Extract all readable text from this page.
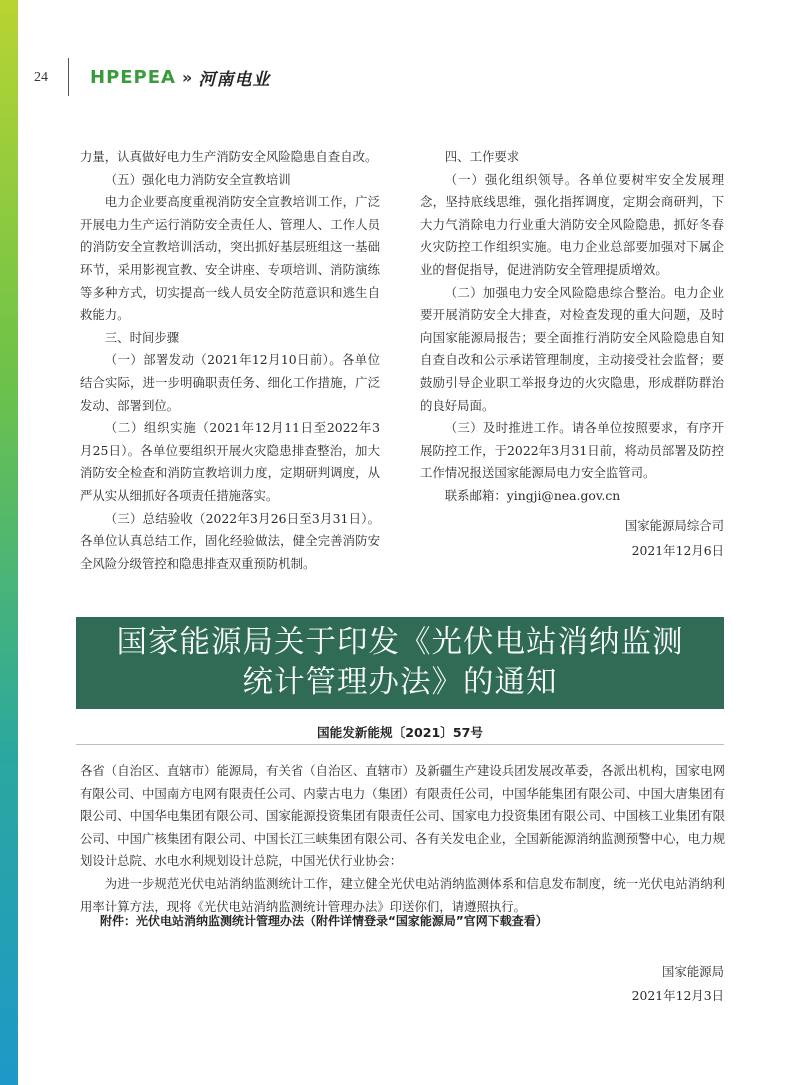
24 HPEPEA » 河南电业

力量，认真做好电力生产消防安全风险隐患自查自改。

（五）强化电力消防安全宣教培训

电力企业要高度重视消防安全宣教培训工作，广泛开展电力生产运行消防安全责任人、管理人、工作人员的消防安全宣教培训活动，突出抓好基层班组这一基础环节，采用影视宣教、安全讲座、专项培训、消防演练等多种方式，切实提高一线人员安全防范意识和逃生自救能力。

三、时间步骤

（一）部署发动（2021年12月10日前）。各单位结合实际，进一步明确职责任务、细化工作措施，广泛发动、部署到位。

（二）组织实施（2021年12月11日至2022年3月25日）。各单位要组织开展火灾隐患排查整治，加大消防安全检查和消防宣教培训力度，定期研判调度，从严从实从细抓好各项责任措施落实。

（三）总结验收（2022年3月26日至3月31日）。各单位认真总结工作，固化经验做法，健全完善消防安全风险分级管控和隐患排查双重预防机制。

四、工作要求

（一）强化组织领导。各单位要树牢安全发展理念，坚持底线思维，强化指挥调度，定期会商研判，下大力气消除电力行业重大消防安全风险隐患，抓好冬春火灾防控工作组织实施。电力企业总部要加强对下属企业的督促指导，促进消防安全管理提质增效。

（二）加强电力安全风险隐患综合整治。电力企业要开展消防安全大排查，对检查发现的重大问题，及时向国家能源局报告；要全面推行消防安全风险隐患自知自查自改和公示承诺管理制度，主动接受社会监督；要鼓励引导企业职工举报身边的火灾隐患，形成群防群治的良好局面。

（三）及时推进工作。请各单位按照要求，有序开展防控工作，于2022年3月31日前，将动员部署及防控工作情况报送国家能源局电力安全监管司。

联系邮箱：yingji@nea.gov.cn

国家能源局综合司
2021年12月6日
国家能源局关于印发《光伏电站消纳监测
统计管理办法》的通知
国能发新能规〔2021〕57号

各省（自治区、直辖市）能源局，有关省（自治区、直辖市）及新疆生产建设兵团发展改革委，各派出机构，国家电网有限公司、中国南方电网有限责任公司、内蒙古电力（集团）有限责任公司，中国华能集团有限公司、中国大唐集团有限公司、中国华电集团有限公司、国家能源投资集团有限责任公司、国家电力投资集团有限公司、中国核工业集团有限公司、中国广核集团有限公司、中国长江三峡集团有限公司、各有关发电企业，全国新能源消纳监测预警中心，电力规划设计总院、水电水利规划设计总院，中国光伏行业协会：

为进一步规范光伏电站消纳监测统计工作，建立健全光伏电站消纳监测体系和信息发布制度，统一光伏电站消纳利用率计算方法，现将《光伏电站消纳监测统计管理办法》印送你们，请遵照执行。

附件：光伏电站消纳监测统计管理办法（附件详情登录“国家能源局”官网下载查看）
国家能源局
2021年12月3日
